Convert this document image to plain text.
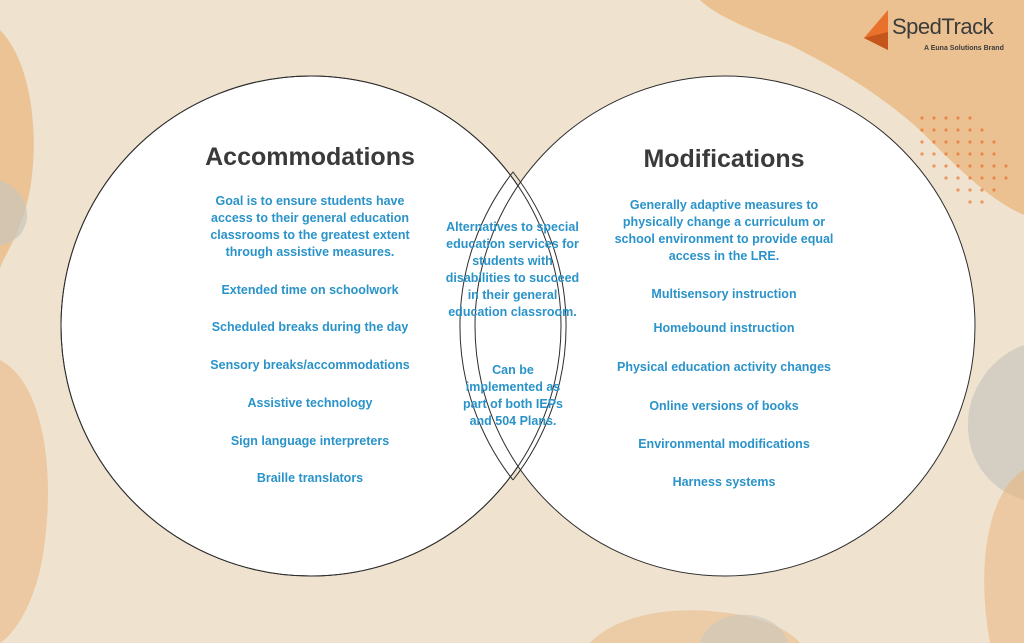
SpedTrack
A Euna Solutions Brand
Accommodations
Goal is to ensure students have access to their general education classrooms to the greatest extent through assistive measures.
Extended time on schoolwork
Scheduled breaks during the day
Sensory breaks/accommodations
Assistive technology
Sign language interpreters
Braille translators
Alternatives to special education services for students with disabilities to succeed in their general education classroom.
Can be implemented as part of both IEPs and 504 Plans.
Modifications
Generally adaptive measures to physically change a curriculum or school environment to provide equal access in the LRE.
Multisensory instruction
Homebound instruction
Physical education activity changes
Online versions of books
Environmental modifications
Harness systems
